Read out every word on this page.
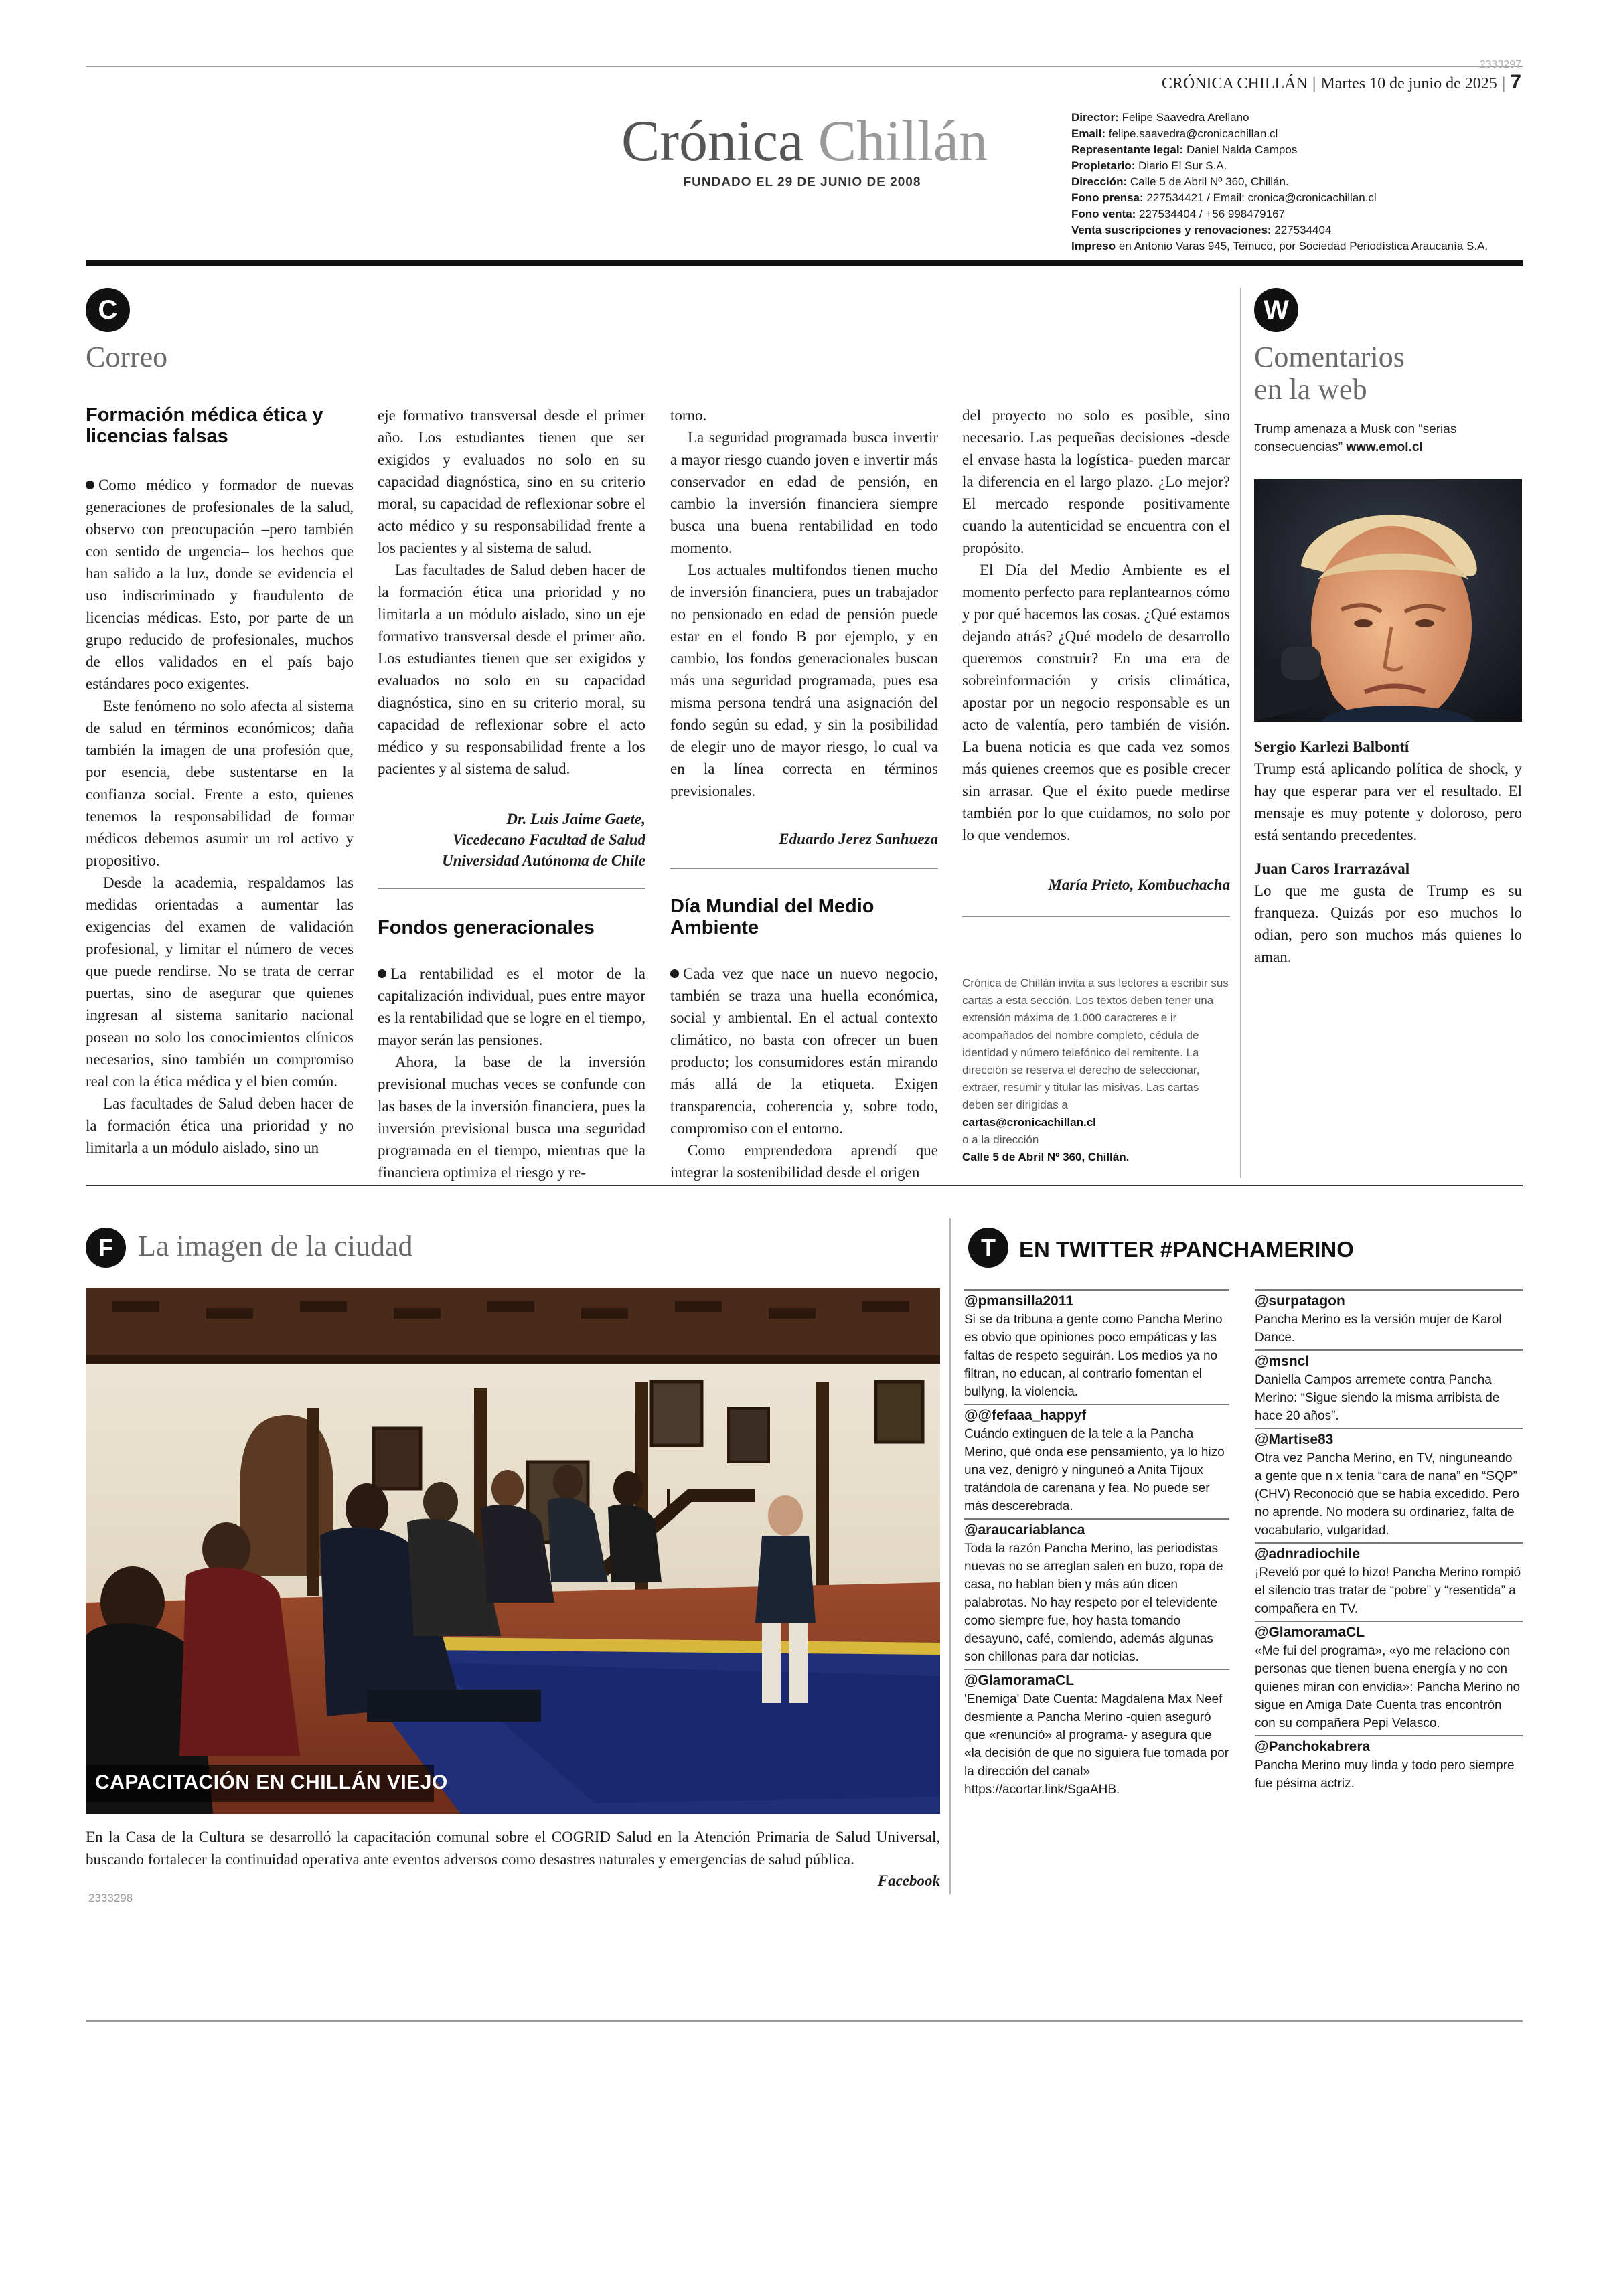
2333297
CRÓNICA CHILLÁN | Martes 10 de junio de 2025 | 7
Crónica Chillán
FUNDADO EL 29 DE JUNIO DE 2008
Director: Felipe Saavedra Arellano
Email: felipe.saavedra@cronicachillan.cl
Representante legal: Daniel Nalda Campos
Propietario: Diario El Sur S.A.
Dirección: Calle 5 de Abril Nº 360, Chillán.
Fono prensa: 227534421 / Email: cronica@cronicachillan.cl
Fono venta: 227534404 / +56 998479167
Venta suscripciones y renovaciones: 227534404
Impreso en Antonio Varas 945, Temuco, por Sociedad Periodística Araucanía S.A.
C
Correo
Formación médica ética y licencias falsas

Como médico y formador de nuevas generaciones de profesionales de la salud, observo con preocupación –pero también con sentido de urgencia– los hechos que han salido a la luz, donde se evidencia el uso indiscriminado y fraudulento de licencias médicas. Esto, por parte de un grupo reducido de profesionales, muchos de ellos validados en el país bajo estándares poco exigentes.

Este fenómeno no solo afecta al sistema de salud en términos económicos; daña también la imagen de una profesión que, por esencia, debe sustentarse en la confianza social. Frente a esto, quienes tenemos la responsabilidad de formar médicos debemos asumir un rol activo y propositivo.

Desde la academia, respaldamos las medidas orientadas a aumentar las exigencias del examen de validación profesional, y limitar el número de veces que puede rendirse. No se trata de cerrar puertas, sino de asegurar que quienes ingresan al sistema sanitario nacional posean no solo los conocimientos clínicos necesarios, sino también un compromiso real con la ética médica y el bien común.

Las facultades de Salud deben hacer de la formación ética una prioridad y no limitarla a un módulo aislado, sino un

eje formativo transversal desde el primer año. Los estudiantes tienen que ser exigidos y evaluados no solo en su capacidad diagnóstica, sino en su criterio moral, su capacidad de reflexionar sobre el acto médico y su responsabilidad frente a los pacientes y al sistema de salud.

Las facultades de Salud deben hacer de la formación ética una prioridad y no limitarla a un módulo aislado, sino un eje formativo transversal desde el primer año. Los estudiantes tienen que ser exigidos y evaluados no solo en su capacidad diagnóstica, sino en su criterio moral, su capacidad de reflexionar sobre el acto médico y su responsabilidad frente a los pacientes y al sistema de salud.

Dr. Luis Jaime Gaete,
Vicedecano Facultad de Salud
Universidad Autónoma de Chile
Fondos generacionales

La rentabilidad es el motor de la capitalización individual, pues entre mayor es la rentabilidad que se logre en el tiempo, mayor serán las pensiones.

Ahora, la base de la inversión previsional muchas veces se confunde con las bases de la inversión financiera, pues la inversión previsional busca una seguridad programada en el tiempo, mientras que la financiera optimiza el riesgo y re-

torno.

La seguridad programada busca invertir a mayor riesgo cuando joven e invertir más conservador en edad de pensión, en cambio la inversión financiera siempre busca una buena rentabilidad en todo momento.

Los actuales multifondos tienen mucho de inversión financiera, pues un trabajador no pensionado en edad de pensión puede estar en el fondo B por ejemplo, y en cambio, los fondos generacionales buscan más una seguridad programada, pues esa misma persona tendrá una asignación del fondo según su edad, y sin la posibilidad de elegir uno de mayor riesgo, lo cual va en la línea correcta en términos previsionales.

Eduardo Jerez Sanhueza
Día Mundial del Medio Ambiente

Cada vez que nace un nuevo negocio, también se traza una huella económica, social y ambiental. En el actual contexto climático, no basta con ofrecer un buen producto; los consumidores están mirando más allá de la etiqueta. Exigen transparencia, coherencia y, sobre todo, compromiso con el entorno.

Como emprendedora aprendí que integrar la sostenibilidad desde el origen

del proyecto no solo es posible, sino necesario. Las pequeñas decisiones -desde el envase hasta la logística- pueden marcar la diferencia en el largo plazo. ¿Lo mejor? El mercado responde positivamente cuando la autenticidad se encuentra con el propósito.

El Día del Medio Ambiente es el momento perfecto para replantearnos cómo y por qué hacemos las cosas. ¿Qué estamos dejando atrás? ¿Qué modelo de desarrollo queremos construir? En una era de sobreinformación y crisis climática, apostar por un negocio responsable es un acto de valentía, pero también de visión. La buena noticia es que cada vez somos más quienes creemos que es posible crecer sin arrasar. Que el éxito puede medirse también por lo que cuidamos, no solo por lo que vendemos.

María Prieto, Kombuchacha
Crónica de Chillán invita a sus lectores a escribir sus cartas a esta sección. Los textos deben tener una extensión máxima de 1.000 caracteres e ir acompañados del nombre completo, cédula de identidad y número telefónico del remitente. La dirección se reserva el derecho de seleccionar, extraer, resumir y titular las misivas. Las cartas deben ser dirigidas a
cartas@cronicachillan.cl
o a la dirección
Calle 5 de Abril Nº 360, Chillán.
W
Comentarios
en la web
Trump amenaza a Musk con “serias consecuencias” www.emol.cl
Sergio Karlezi Balbontí
Trump está aplicando política de shock, y hay que esperar para ver el resultado. El mensaje es muy potente y doloroso, pero está sentando precedentes.
Juan Caros Irarrazával
Lo que me gusta de Trump es su franqueza. Quizás por eso muchos lo odian, pero son muchos más quienes lo aman.
F La imagen de la ciudad
CAPACITACIÓN EN CHILLÁN VIEJO
En la Casa de la Cultura se desarrolló la capacitación comunal sobre el COGRID Salud en la Atención Primaria de Salud Universal, buscando fortalecer la continuidad operativa ante eventos adversos como desastres naturales y emergencias de salud pública.
Facebook
2333298
T	EN TWITTER #PANCHAMERINO
@pmansilla2011
Si se da tribuna a gente como Pancha Merino es obvio que opiniones poco empáticas y las faltas de respeto seguirán. Los medios ya no filtran, no educan, al contrario fomentan el bullyng, la violencia.
@@fefaaa_happyf
Cuándo extinguen de la tele a la Pancha Merino, qué onda ese pensamiento, ya lo hizo una vez, denigró y ninguneó a Anita Tijoux tratándola de carenana y fea. No puede ser más descerebrada.
@araucariablanca
Toda la razón Pancha Merino, las periodistas nuevas no se arreglan salen en buzo, ropa de casa, no hablan bien y más aún dicen palabrotas. No hay respeto por el televidente como siempre fue, hoy hasta tomando desayuno, café, comiendo, además algunas son chillonas para dar noticias.
@GlamoramaCL
'Enemiga' Date Cuenta: Magdalena Max Neef desmiente a Pancha Merino -quien aseguró que «renunció» al programa- y asegura que «la decisión de que no siguiera fue tomada por la dirección del canal» https://acortar.link/SgaAHB.
@surpatagon
Pancha Merino es la versión mujer de Karol Dance.
@msncl
Daniella Campos arremete contra Pancha Merino: “Sigue siendo la misma arribista de hace 20 años”.
@Martise83
Otra vez Pancha Merino, en TV, ninguneando a gente que n x tenía “cara de nana” en “SQP” (CHV) Reconoció que se había excedido. Pero no aprende. No modera su ordinariez, falta de vocabulario, vulgaridad.
@adnradiochile
¡Reveló por qué lo hizo! Pancha Merino rompió el silencio tras tratar de “pobre” y “resentida” a compañera en TV.
@GlamoramaCL
«Me fui del programa», «yo me relaciono con personas que tienen buena energía y no con quienes miran con envidia»: Pancha Merino no sigue en Amiga Date Cuenta tras encontrón con su compañera Pepi Velasco.
@Panchokabrera
Pancha Merino muy linda y todo pero siempre fue pésima actriz.
